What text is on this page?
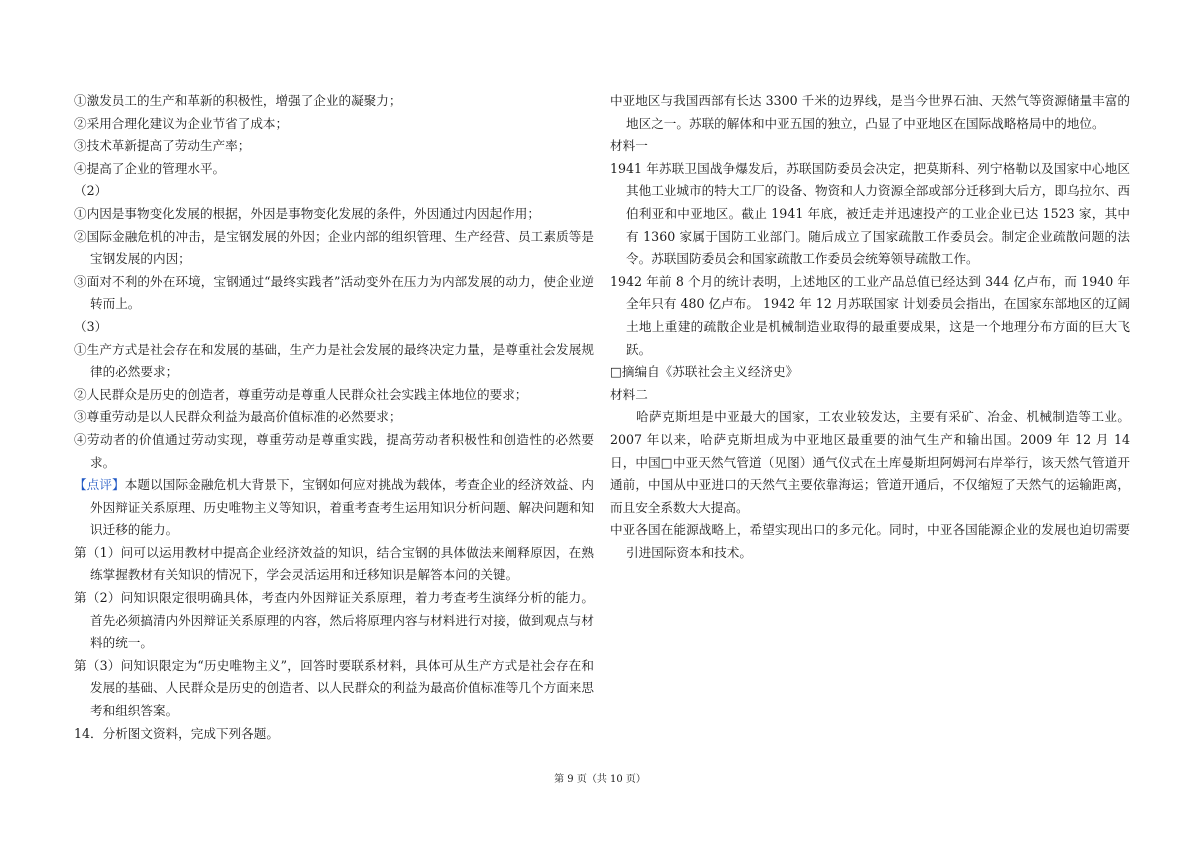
①激发员工的生产和革新的积极性，增强了企业的凝聚力；

②采用合理化建议为企业节省了成本；

③技术革新提高了劳动生产率；

④提高了企业的管理水平。

（2）

①内因是事物变化发展的根据，外因是事物变化发展的条件，外因通过内因起作用；

②国际金融危机的冲击，是宝钢发展的外因；企业内部的组织管理、生产经营、员工素质等是宝钢发展的内因；

③面对不利的外在环境，宝钢通过“最终实践者”活动变外在压力为内部发展的动力，使企业逆转而上。

（3）

①生产方式是社会存在和发展的基础，生产力是社会发展的最终决定力量，是尊重社会发展规律的必然要求；

②人民群众是历史的创造者，尊重劳动是尊重人民群众社会实践主体地位的要求；

③尊重劳动是以人民群众利益为最高价值标准的必然要求；

④劳动者的价值通过劳动实现，尊重劳动是尊重实践，提高劳动者积极性和创造性的必然要求。

【点评】本题以国际金融危机大背景下，宝钢如何应对挑战为载体，考查企业的经济效益、内外因辩证关系原理、历史唯物主义等知识，着重考查考生运用知识分析问题、解决问题和知识迁移的能力。

第（1）问可以运用教材中提高企业经济效益的知识，结合宝钢的具体做法来阐释原因，在熟练掌握教材有关知识的情况下，学会灵活运用和迁移知识是解答本问的关键。

第（2）问知识限定很明确具体，考查内外因辩证关系原理，着力考查考生演绎分析的能力。首先必须搞清内外因辩证关系原理的内容，然后将原理内容与材料进行对接，做到观点与材料的统一。

第（3）问知识限定为“历史唯物主义”，回答时要联系材料，具体可从生产方式是社会存在和发展的基础、人民群众是历史的创造者、以人民群众的利益为最高价值标准等几个方面来思考和组织答案。

14．分析图文资料，完成下列各题。

中亚地区与我国西部有长达 3300 千米的边界线，是当今世界石油、天然气等资源储量丰富的 地区之一。苏联的解体和中亚五国的独立，凸显了中亚地区在国际战略格局中的地位。

材料一

1941 年苏联卫国战争爆发后，苏联国防委员会决定，把莫斯科、列宁格勒以及国家中心地区其他工业城市的特大工厂的设备、物资和人力资源全部或部分迁移到大后方，即乌拉尔、西伯利亚和中亚地区。截止 1941 年底，被迁走并迅速投产的工业企业已达 1523 家，其中有 1360 家属于国防工业部门。随后成立了国家疏散工作委员会。制定企业疏散问题的法令。苏联国防委员会和国家疏散工作委员会统筹领导疏散工作。

1942 年前 8 个月的统计表明，上述地区的工业产品总值已经达到 344 亿卢布，而 1940 年全年只有 480 亿卢布。 1942 年 12 月苏联国家 计划委员会指出，在国家东部地区的辽阔土地上重建的疏散企业是机械制造业取得的最重要成果，这是一个地理分布方面的巨大飞跃。

□摘编自《苏联社会主义经济史》

材料二

哈萨克斯坦是中亚最大的国家，工农业较发达，主要有采矿、冶金、机械制造等工业。2007 年以来，哈萨克斯坦成为中亚地区最重要的油气生产和输出国。2009 年 12 月 14 日，中国□中亚天然气管道（见图）通气仪式在土库曼斯坦阿姆河右岸举行，该天然气管道开通前，中国从中亚进口的天然气主要依靠海运；管道开通后，不仅缩短了天然气的运输距离，而且安全系数大大提高。

中亚各国在能源战略上，希望实现出口的多元化。同时，中亚各国能源企业的发展也迫切需要引进国际资本和技术。

第 9 页（共 10 页）
